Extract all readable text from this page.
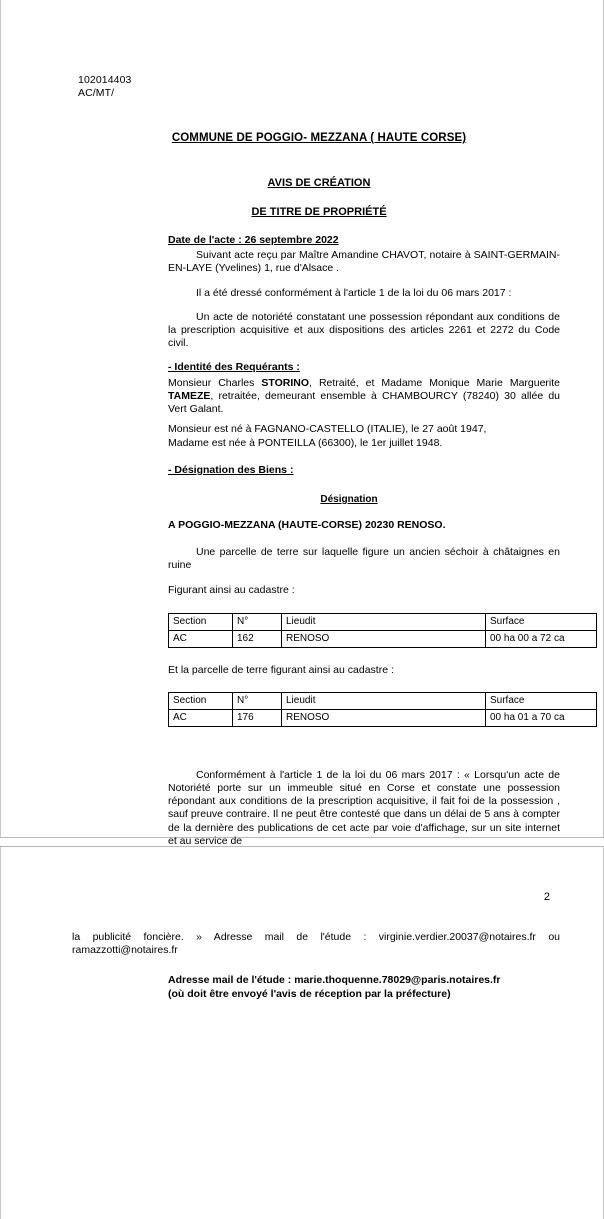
102014403
AC/MT/
COMMUNE DE POGGIO- MEZZANA ( HAUTE CORSE)
AVIS DE CRÉATION
DE TITRE DE PROPRIÉTÉ
Date de l'acte : 26 septembre 2022
Suivant acte reçu par Maître Amandine CHAVOT, notaire à SAINT-GERMAIN-EN-LAYE (Yvelines) 1, rue d'Alsace .
Il a été dressé conformément à l'article 1 de la loi du 06 mars 2017 :
Un acte de notoriété constatant une possession répondant aux conditions de la prescription acquisitive et aux dispositions des articles 2261 et 2272 du Code civil.
- Identité des Requérants :
Monsieur Charles STORINO, Retraité, et Madame Monique Marie Marguerite TAMEZE, retraitée, demeurant ensemble à CHAMBOURCY (78240) 30 allée du Vert Galant.
Monsieur est né à FAGNANO-CASTELLO (ITALIE), le 27 août 1947,
Madame est née à PONTEILLA (66300), le 1er juillet 1948.
- Désignation des Biens :
Désignation
A POGGIO-MEZZANA (HAUTE-CORSE) 20230 RENOSO.
Une parcelle de terre sur laquelle figure un ancien séchoir à châtaignes en ruine
Figurant ainsi au cadastre :
Section	N°	Lieudit	Surface
AC	162	RENOSO	00 ha 00 a 72 ca
Et la parcelle de terre figurant ainsi au cadastre :
Section	N°	Lieudit	Surface
AC	176	RENOSO	00 ha 01 a 70 ca
Conformément à l'article 1 de la loi du 06 mars 2017 : « Lorsqu'un acte de Notoriété porte sur un immeuble situé en Corse et constate une possession répondant aux conditions de la prescription acquisitive, il fait foi de la possession , sauf preuve contraire. Il ne peut être contesté que dans un délai de 5 ans à compter de la dernière des publications de cet acte par voie d'affichage, sur un site internet et au service de
2
la publicité foncière. » Adresse mail de l'étude : virginie.verdier.20037@notaires.fr ou ramazzotti@notaires.fr
Adresse mail de l'étude : marie.thoquenne.78029@paris.notaires.fr
(où doit être envoyé l'avis de réception par la préfecture)
